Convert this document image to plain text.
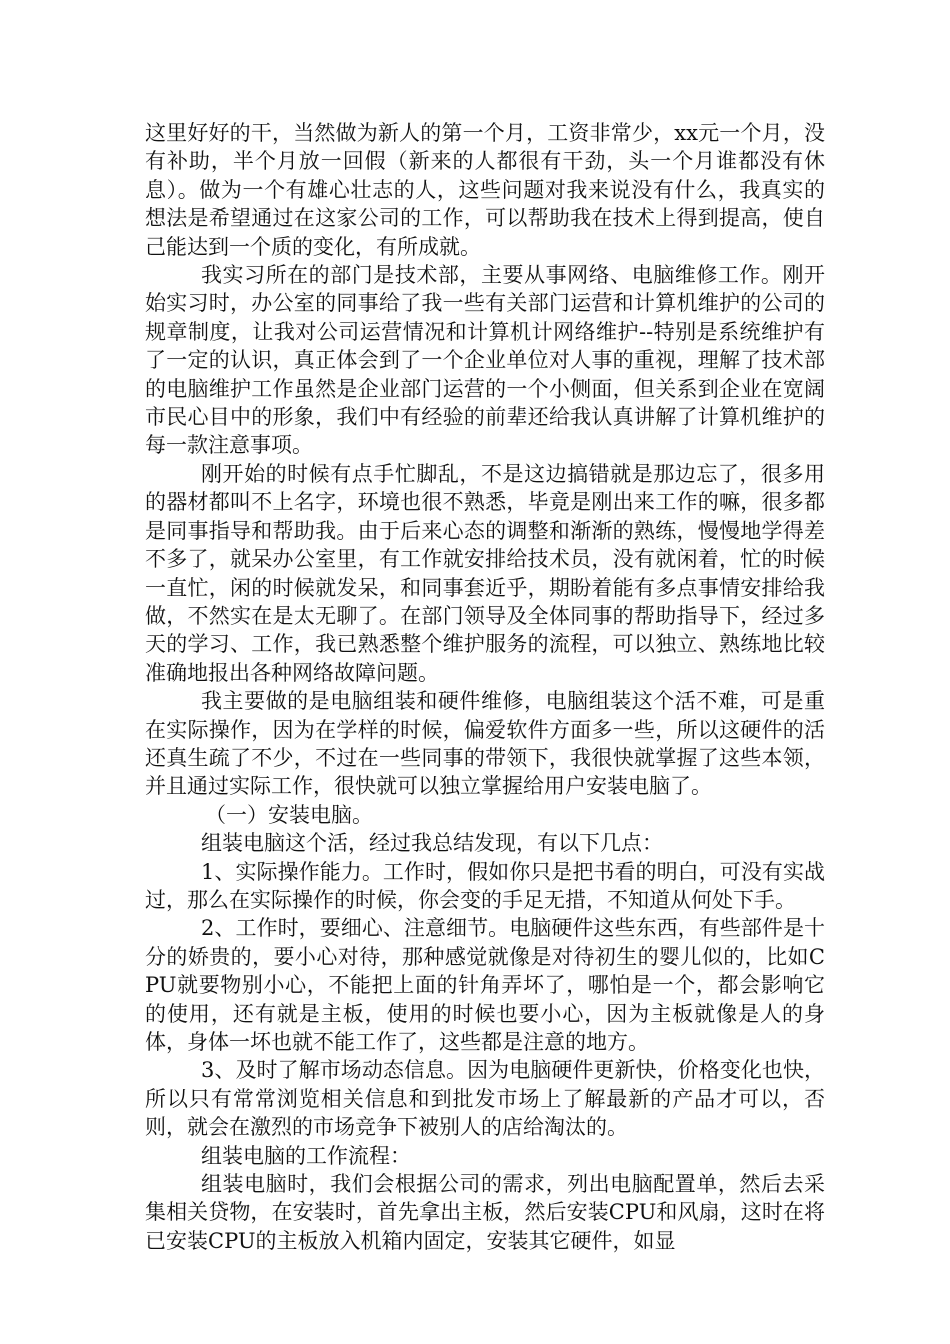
这里好好的干，当然做为新人的第一个月，工资非常少，xx元一个月，没有补助，半个月放一回假（新来的人都很有干劲，头一个月谁都没有休息）。做为一个有雄心壮志的人，这些问题对我来说没有什么，我真实的想法是希望通过在这家公司的工作，可以帮助我在技术上得到提高，使自己能达到一个质的变化，有所成就。

我实习所在的部门是技术部，主要从事网络、电脑维修工作。刚开始实习时，办公室的同事给了我一些有关部门运营和计算机维护的公司的规章制度，让我对公司运营情况和计算机计网络维护--特别是系统维护有了一定的认识，真正体会到了一个企业单位对人事的重视，理解了技术部的电脑维护工作虽然是企业部门运营的一个小侧面，但关系到企业在宽阔市民心目中的形象，我们中有经验的前辈还给我认真讲解了计算机维护的每一款注意事项。

刚开始的时候有点手忙脚乱，不是这边搞错就是那边忘了，很多用的器材都叫不上名字，环境也很不熟悉，毕竟是刚出来工作的嘛，很多都是同事指导和帮助我。由于后来心态的调整和渐渐的熟练，慢慢地学得差不多了，就呆办公室里，有工作就安排给技术员，没有就闲着，忙的时候一直忙，闲的时候就发呆，和同事套近乎，期盼着能有多点事情安排给我做，不然实在是太无聊了。在部门领导及全体同事的帮助指导下，经过多天的学习、工作，我已熟悉整个维护服务的流程，可以独立、熟练地比较准确地报出各种网络故障问题。

我主要做的是电脑组装和硬件维修，电脑组装这个活不难，可是重在实际操作，因为在学样的时候，偏爱软件方面多一些，所以这硬件的活还真生疏了不少，不过在一些同事的带领下，我很快就掌握了这些本领，并且通过实际工作，很快就可以独立掌握给用户安装电脑了。

（一）安装电脑。

组装电脑这个活，经过我总结发现，有以下几点：

1、实际操作能力。工作时，假如你只是把书看的明白，可没有实战过，那么在实际操作的时候，你会变的手足无措，不知道从何处下手。

2、工作时，要细心、注意细节。电脑硬件这些东西，有些部件是十分的娇贵的，要小心对待，那种感觉就像是对待初生的婴儿似的，比如CPU就要物别小心，不能把上面的针角弄坏了，哪怕是一个，都会影响它的使用，还有就是主板，使用的时候也要小心，因为主板就像是人的身体，身体一坏也就不能工作了，这些都是注意的地方。

3、及时了解市场动态信息。因为电脑硬件更新快，价格变化也快，所以只有常常浏览相关信息和到批发市场上了解最新的产品才可以，否则，就会在激烈的市场竞争下被别人的店给淘汰的。

组装电脑的工作流程：

组装电脑时，我们会根据公司的需求，列出电脑配置单，然后去采集相关贷物，在安装时，首先拿出主板，然后安装CPU和风扇，这时在将已安装CPU的主板放入机箱内固定，安装其它硬件，如显
